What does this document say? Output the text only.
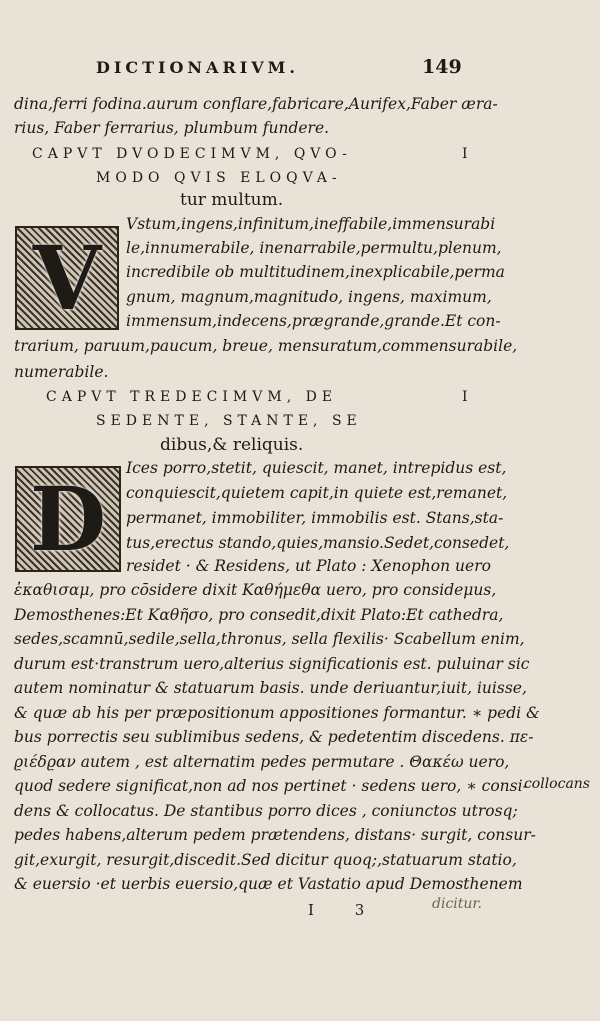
DICTIONARIVM.	149
dina,ferri fodina.aurum conflare,fabricare,Aurifex,Faber æra-
rius, Faber ferrarius, plumbum fundere.
CAPVT DVODECIMVM, QVO-	I
MODO QVIS ELOQVA-
tur multum.
V
Vstum,ingens,infinitum,ineffabile,immensurabi
le,innumerabile, inenarrabile,permultu,plenum,
incredibile ob multitudinem,inexplicabile,perma
gnum, magnum,magnitudo, ingens, maximum,
immensum,indecens,prægrande,grande.Et con-
trarium, paruum,paucum, breue, mensuratum,commensurabile,
numerabile.
CAPVT TREDECIMVM, DE	I
SEDENTE, STANTE, SE
dibus,& reliquis.
D Ices porro,stetit, quiescit, manet, intrepidus est,
conquiescit,quietem capit,in quiete est,remanet,
permanet, immobiliter, immobilis est. Stans,sta-
tus,erectus stando,quies,mansio.Sedet,consedet,
residet · & Residens, ut Plato : Xenophon uero
ἐκαθισαμ, pro cōsidere dixit Καθήμεθα uero, pro consideμus,
Demosthenes:Et Καθῆσο, pro consedit,dixit Plato:Et cathedra,
sedes,scamnū,sedile,sella,thronus, sella flexilis· Scabellum enim,
durum est·transtrum uero,alterius significationis est. puluinar sic
autem nominatur & statuarum basis. unde deriuantur,iuit, iuisse,
& quæ ab his per præpositionum appositiones formantur. ∗ pedi &
bus porrectis seu sublimibus sedens, & pedetentim discedens. πε-
ϱιέδϱαν autem , est alternatim pedes permutare . Θακέω uero,
quod sedere significat,non ad nos pertinet · sedens uero, ∗ consi-
dens & collocatus. De stantibus porro dices , coniunctos utrosq;
pedes habens,alterum pedem prætendens, distans· surgit, consur-
git,exurgit, resurgit,discedit.Sed dicitur quoq;,statuarum statio,
& euersio ·et uerbis euersio,quæ et Vastatio apud Demosthenem
collocans
I 3	dicitur.
